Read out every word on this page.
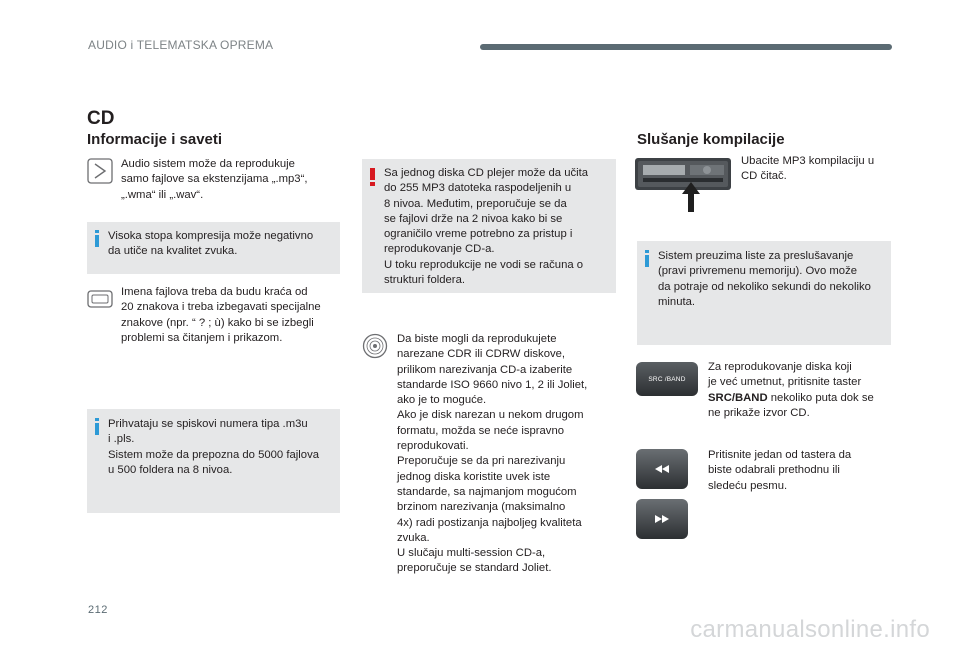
AUDIO i TELEMATSKA OPREMA
CD
Informacije i saveti	Slušanje kompilacije
Audio sistem može da reprodukuje
samo fajlove sa ekstenzijama „.mp3“,
„.wma“ ili „.wav“.
Visoka stopa kompresija može negativno
da utiče na kvalitet zvuka.
Imena fajlova treba da budu kraća od
20 znakova i treba izbegavati specijalne
znakove (npr. “ ? ; ù) kako bi se izbegli
problemi sa čitanjem i prikazom.
Prihvataju se spiskovi numera tipa .m3u
i .pls.
Sistem može da prepozna do 5000 fajlova
u 500 foldera na 8 nivoa.
Sa jednog diska CD plejer može da učita
do 255 MP3 datoteka raspodeljenih u
8 nivoa. Međutim, preporučuje se da
se fajlovi drže na 2 nivoa kako bi se
ograničilo vreme potrebno za pristup i
reprodukovanje CD-a.
U toku reprodukcije ne vodi se računa o
strukturi foldera.
Da biste mogli da reprodukujete
narezane CDR ili CDRW diskove,
prilikom narezivanja CD-a izaberite
standarde ISO 9660 nivo 1, 2 ili Joliet,
ako je to moguće.
Ako je disk narezan u nekom drugom
formatu, možda se neće ispravno
reprodukovati.
Preporučuje se da pri narezivanju
jednog diska koristite uvek iste
standarde, sa najmanjom mogućom
brzinom narezivanja (maksimalno
4x) radi postizanja najboljeg kvaliteta
zvuka.
U slučaju multi-session CD-a,
preporučuje se standard Joliet.
Ubacite MP3 kompilaciju u
CD čitač.
Sistem preuzima liste za preslušavanje
(pravi privremenu memoriju). Ovo može
da potraje od nekoliko sekundi do nekoliko
minuta.
SRC /BAND
Za reprodukovanje diska koji
je već umetnut, pritisnite taster
SRC/BAND nekoliko puta dok se
ne prikaže izvor CD.
Pritisnite jedan od tastera da
biste odabrali prethodnu ili
sledeću pesmu.
212
carmanualsonline.info
